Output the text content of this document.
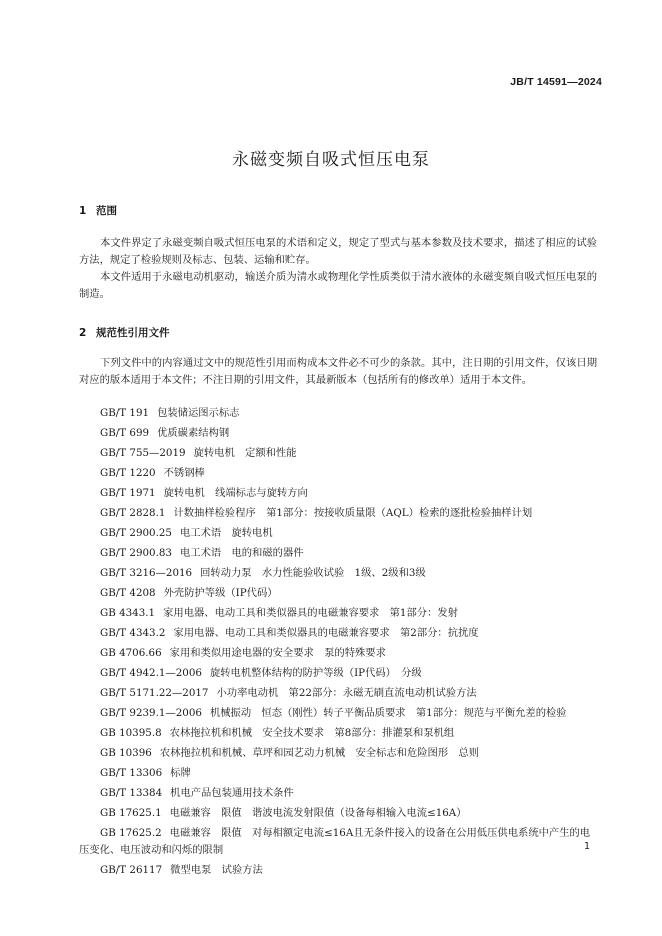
JB/T 14591—2024
永磁变频自吸式恒压电泵
1 范围

本文件界定了永磁变频自吸式恒压电泵的术语和定义，规定了型式与基本参数及技术要求，描述了相应的试验方法，规定了检验规则及标志、包装、运输和贮存。

本文件适用于永磁电动机驱动，输送介质为清水或物理化学性质类似于清水液体的永磁变频自吸式恒压电泵的制造。

2 规范性引用文件

下列文件中的内容通过文中的规范性引用而构成本文件必不可少的条款。其中，注日期的引用文件，仅该日期对应的版本适用于本文件；不注日期的引用文件，其最新版本（包括所有的修改单）适用于本文件。

GB/T 191 包装储运图示标志
GB/T 699 优质碳素结构钢
GB/T 755—2019 旋转电机　定额和性能
GB/T 1220 不锈钢棒
GB/T 1971 旋转电机　线端标志与旋转方向
GB/T 2828.1 计数抽样检验程序　第1部分：按接收质量限（AQL）检索的逐批检验抽样计划
GB/T 2900.25 电工术语　旋转电机
GB/T 2900.83 电工术语　电的和磁的器件
GB/T 3216—2016 回转动力泵　水力性能验收试验　1级、2级和3级
GB/T 4208 外壳防护等级（IP代码）
GB 4343.1 家用电器、电动工具和类似器具的电磁兼容要求　第1部分：发射
GB/T 4343.2 家用电器、电动工具和类似器具的电磁兼容要求　第2部分：抗扰度
GB 4706.66 家用和类似用途电器的安全要求　泵的特殊要求
GB/T 4942.1—2006 旋转电机整体结构的防护等级（IP代码）　分级
GB/T 5171.22—2017 小功率电动机　第22部分：永磁无刷直流电动机试验方法
GB/T 9239.1—2006 机械振动　恒态（刚性）转子平衡品质要求　第1部分：规范与平衡允差的检验
GB 10395.8 农林拖拉机和机械　安全技术要求　第8部分：排灌泵和泵机组
GB 10396 农林拖拉机和机械、草坪和园艺动力机械　安全标志和危险图形　总则
GB/T 13306 标牌
GB/T 13384 机电产品包装通用技术条件
GB 17625.1 电磁兼容　限值　谐波电流发射限值（设备每相输入电流≤16A）
GB 17625.2 电磁兼容　限值　对每相额定电流≤16A且无条件接入的设备在公用低压供电系统中产生的电压变化、电压波动和闪烁的限制
GB/T 26117 微型电泵　试验方法
1
